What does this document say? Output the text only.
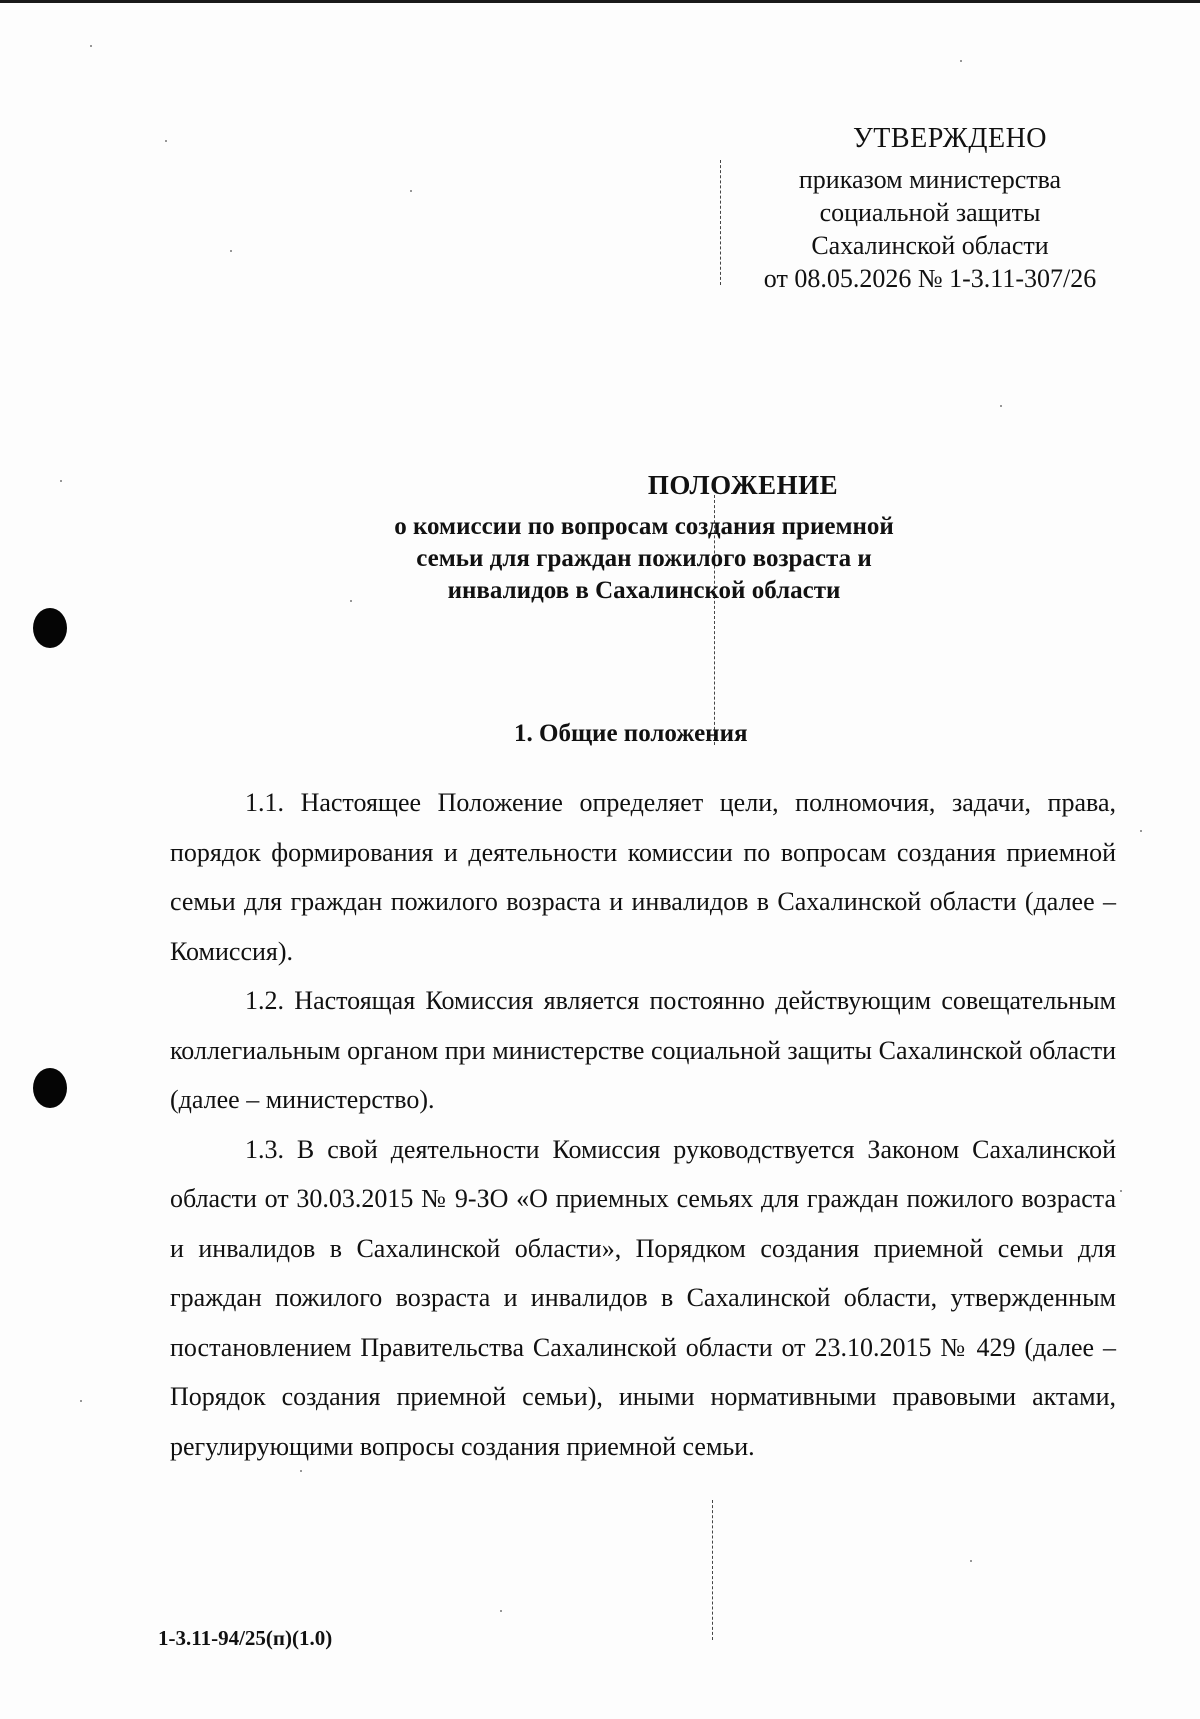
УТВЕРЖДЕНО
приказом министерства
социальной защиты
Сахалинской области
от 08.05.2026 № 1-3.11-307/26
ПОЛОЖЕНИЕ
о комиссии по вопросам создания приемной
семьи для граждан пожилого возраста и
инвалидов в Сахалинской области
1. Общие положения

1.1. Настоящее Положение определяет цели, полномочия, задачи, права, порядок формирования и деятельности комиссии по вопросам создания приемной семьи для граждан пожилого возраста и инвалидов в Сахалинской области (далее – Комиссия).

1.2. Настоящая Комиссия является постоянно действующим совещательным коллегиальным органом при министерстве социальной защиты Сахалинской области (далее – министерство).

1.3. В свой деятельности Комиссия руководствуется Законом Сахалинской области от 30.03.2015 № 9-ЗО «О приемных семьях для граждан пожилого возраста и инвалидов в Сахалинской области», Порядком создания приемной семьи для граждан пожилого возраста и инвалидов в Сахалинской области, утвержденным постановлением Правительства Сахалинской области от 23.10.2015 № 429 (далее – Порядок создания приемной семьи), иными нормативными правовыми актами, регулирующими вопросы создания приемной семьи.

1-3.11-94/25(п)(1.0)
